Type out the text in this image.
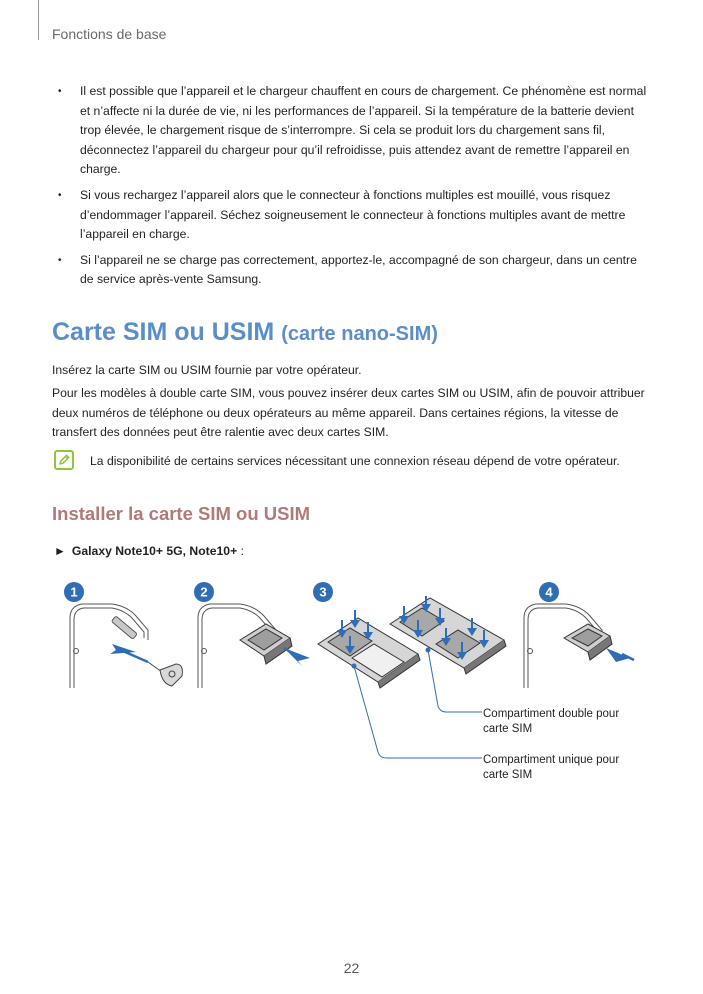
Fonctions de base
• Il est possible que l’appareil et le chargeur chauffent en cours de chargement. Ce phénomène est normal et n’affecte ni la durée de vie, ni les performances de l’appareil. Si la température de la batterie devient trop élevée, le chargement risque de s’interrompre. Si cela se produit lors du chargement sans fil, déconnectez l’appareil du chargeur pour qu’il refroidisse, puis attendez avant de remettre l’appareil en charge.
• Si vous rechargez l’appareil alors que le connecteur à fonctions multiples est mouillé, vous risquez d’endommager l’appareil. Séchez soigneusement le connecteur à fonctions multiples avant de mettre l’appareil en charge.
• Si l’appareil ne se charge pas correctement, apportez-le, accompagné de son chargeur, dans un centre de service après-vente Samsung.
Carte SIM ou USIM (carte nano-SIM)

Insérez la carte SIM ou USIM fournie par votre opérateur.

Pour les modèles à double carte SIM, vous pouvez insérer deux cartes SIM ou USIM, afin de pouvoir attribuer deux numéros de téléphone ou deux opérateurs au même appareil. Dans certaines régions, la vitesse de transfert des données peut être ralentie avec deux cartes SIM.

La disponibilité de certains services nécessitant une connexion réseau dépend de votre opérateur.

Installer la carte SIM ou USIM
► Galaxy Note10+ 5G, Note10+ :
1	2	3	4
Compartiment double pour carte SIM
Compartiment unique pour carte SIM
22
